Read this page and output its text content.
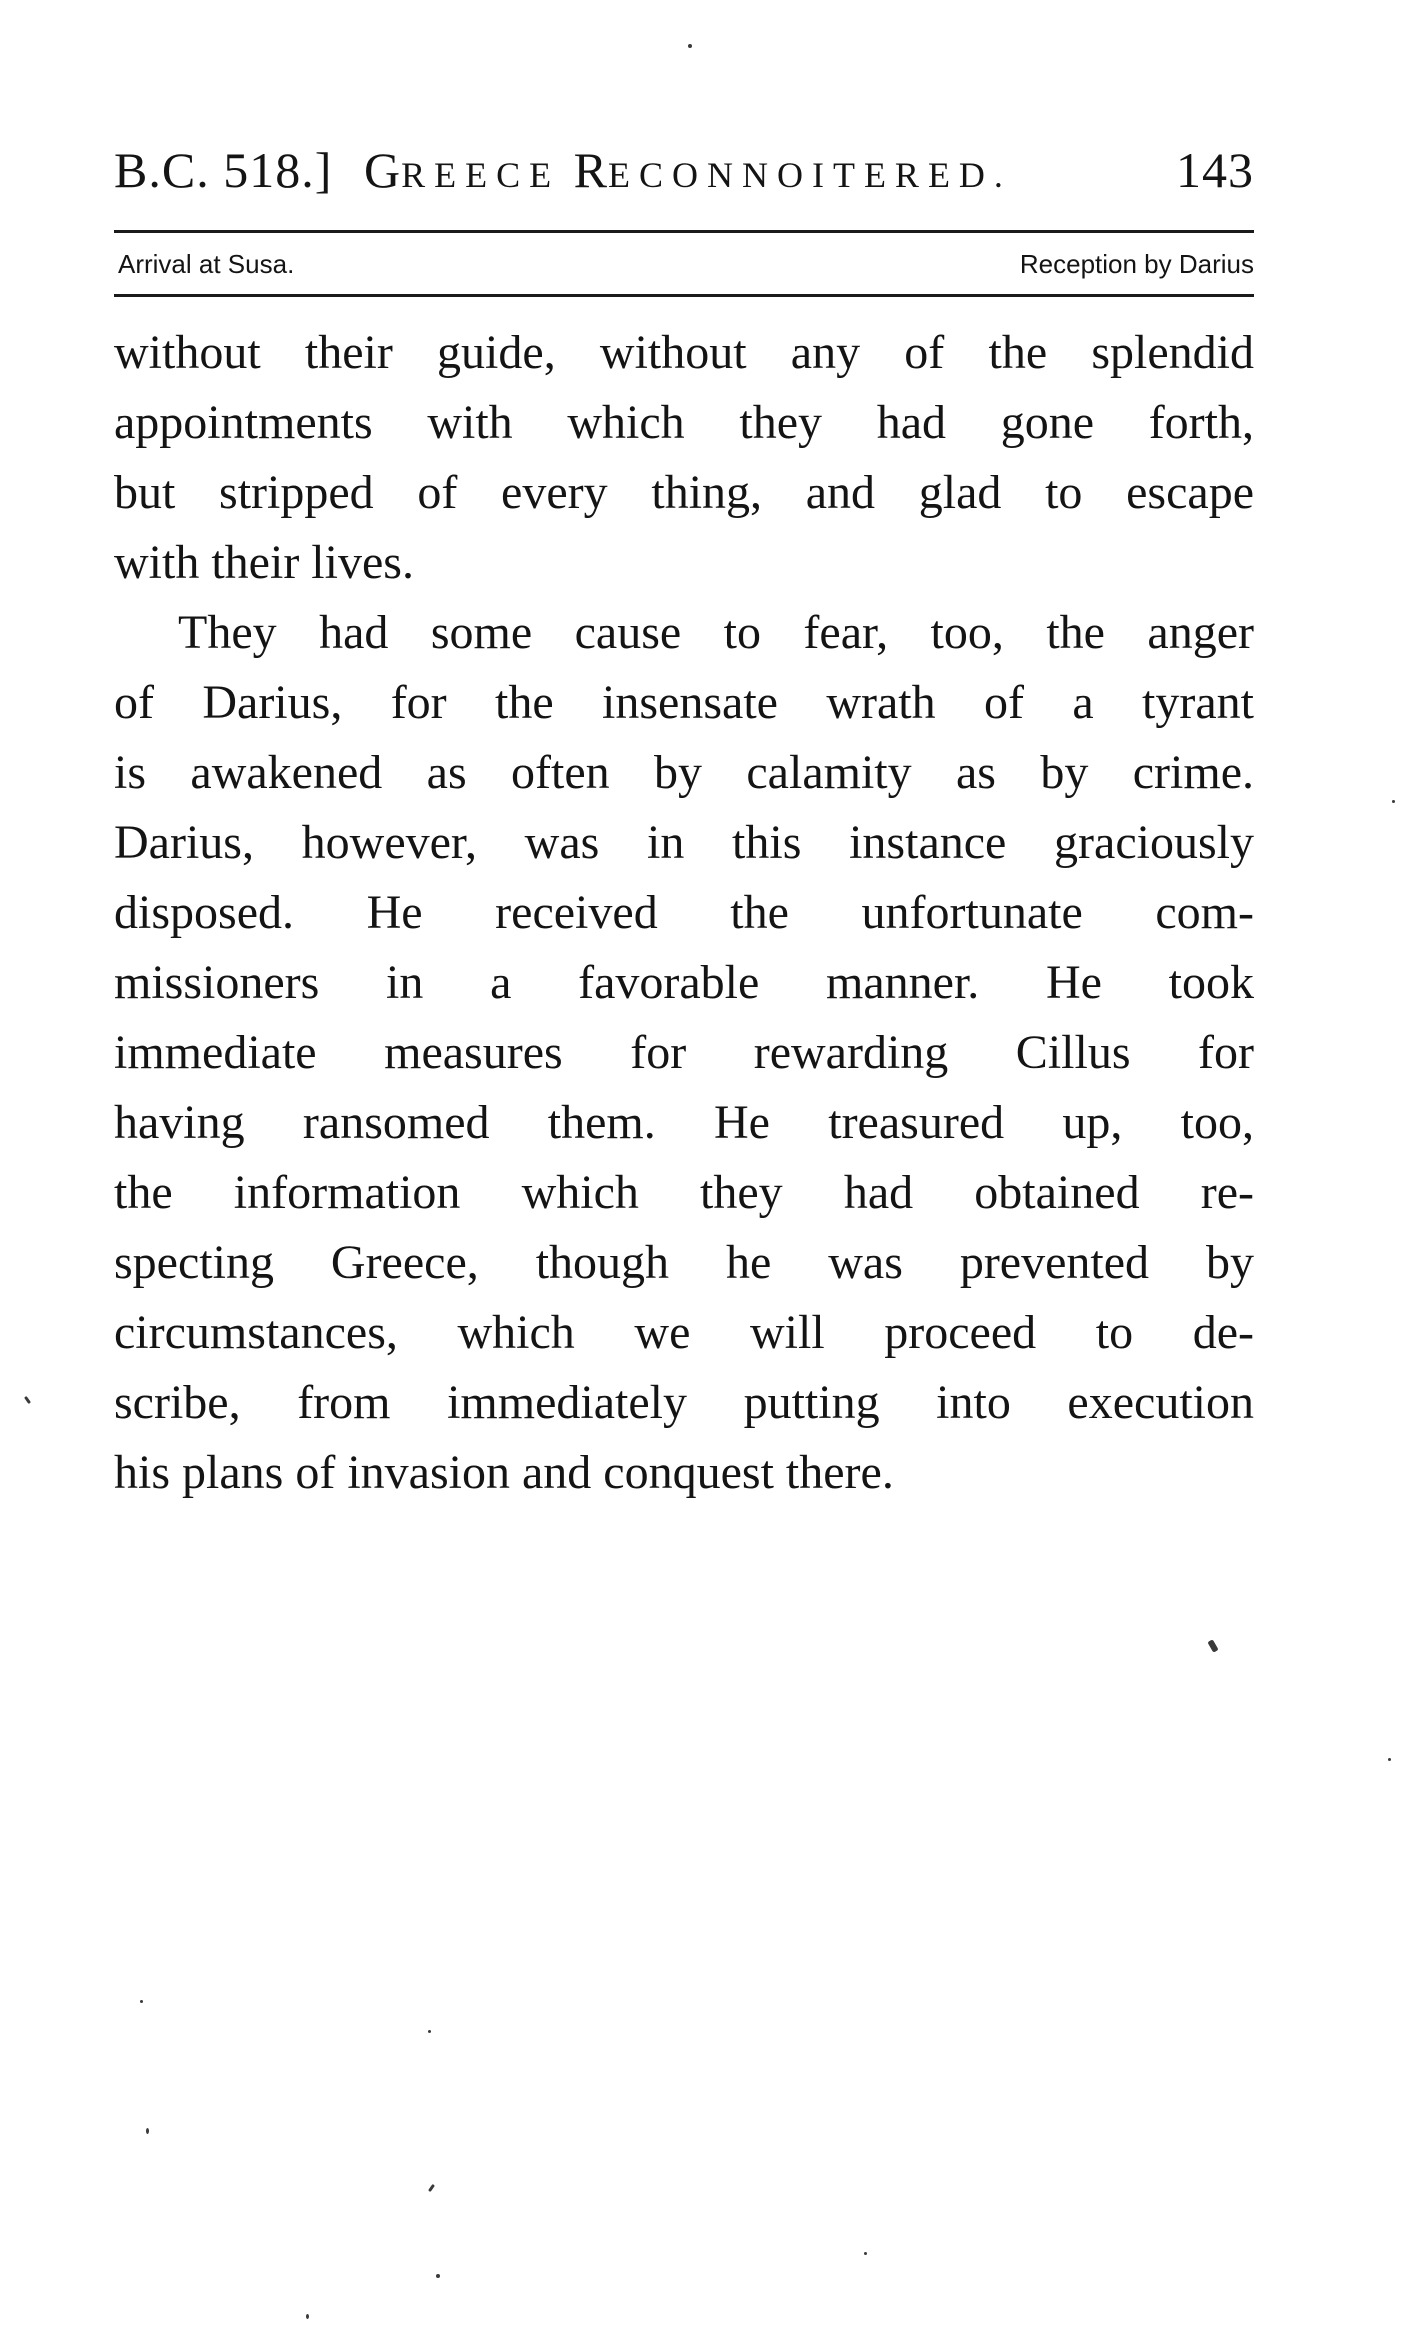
B.C. 518.] GREECE RECONNOITERED.	143
Arrival at Susa.	Reception by Darius
without their guide, without any of the splendid
appointments with which they had gone forth,
but stripped of every thing, and glad to escape
with their lives.
They had some cause to fear, too, the anger
of Darius, for the insensate wrath of a tyrant
is awakened as often by calamity as by crime.
Darius, however, was in this instance graciously
disposed. He received the unfortunate com-
missioners in a favorable manner. He took
immediate measures for rewarding Cillus for
having ransomed them. He treasured up, too,
the information which they had obtained re-
specting Greece, though he was prevented by
circumstances, which we will proceed to de-
scribe, from immediately putting into execution
his plans of invasion and conquest there.
